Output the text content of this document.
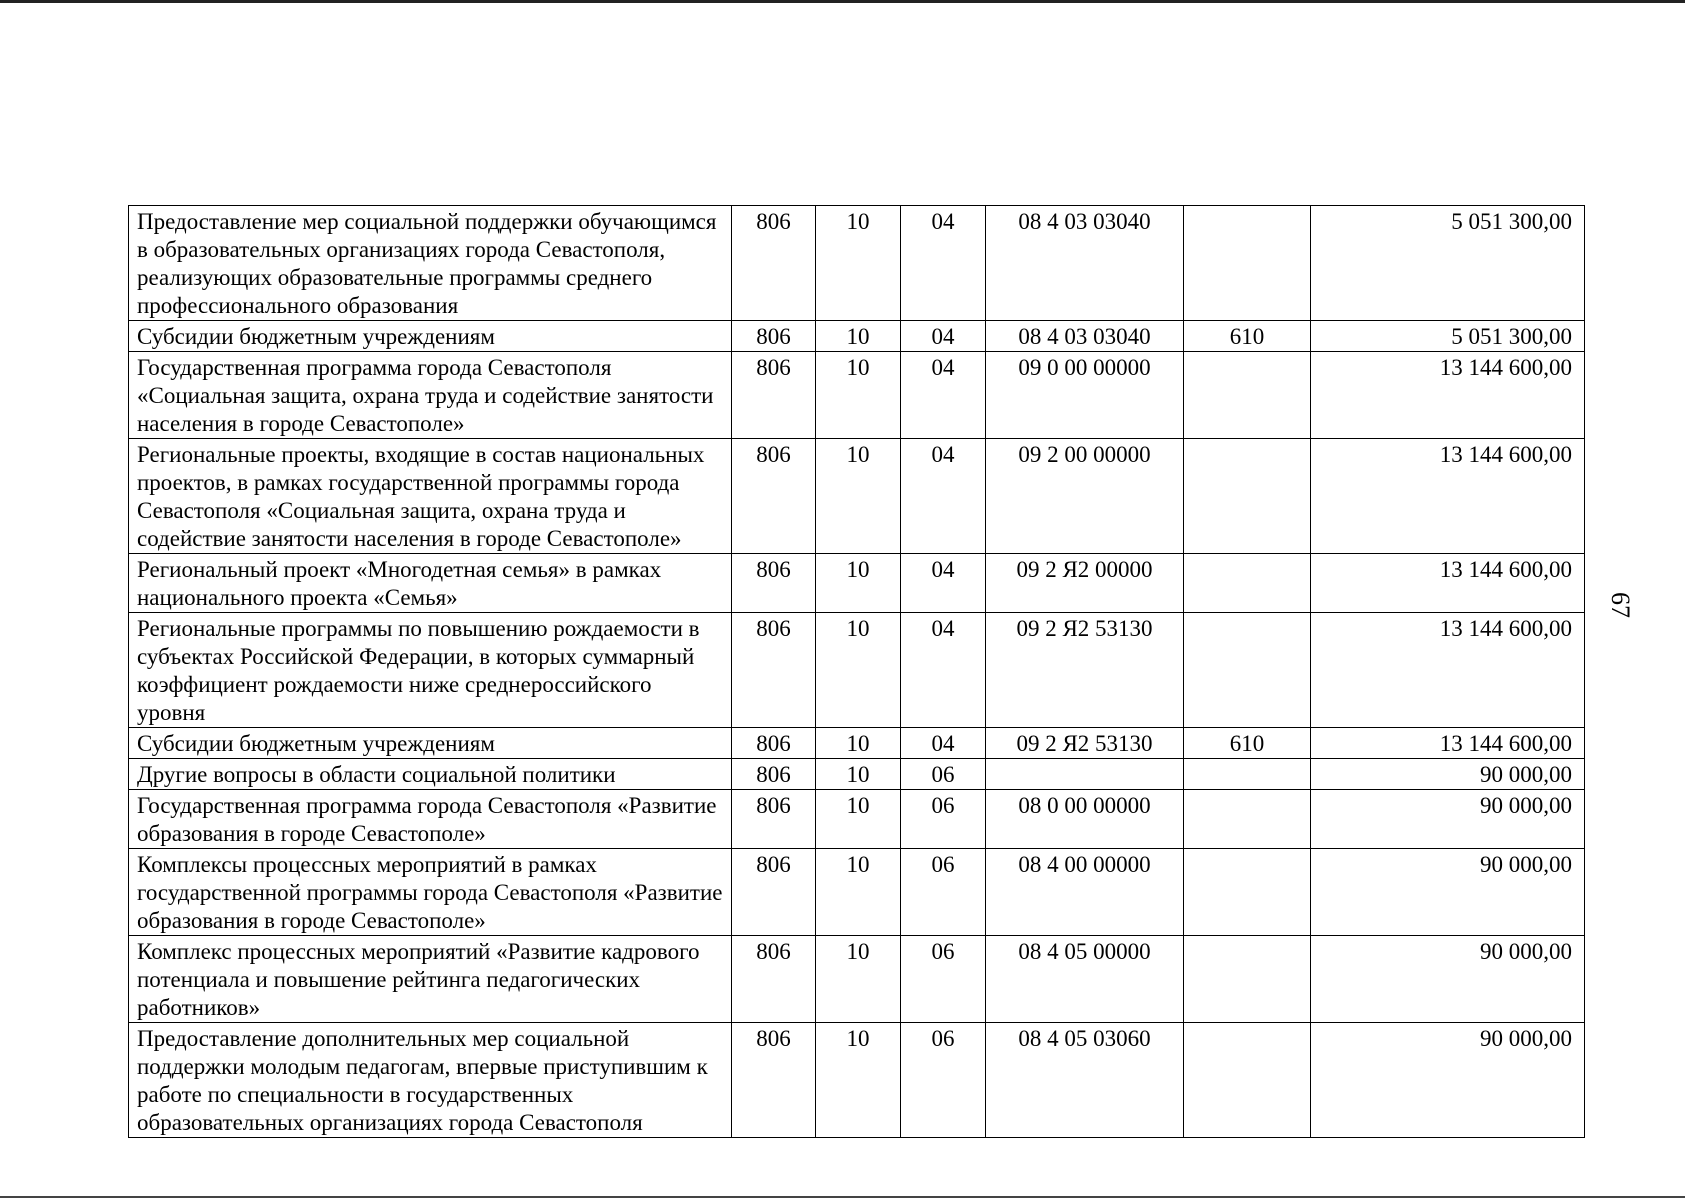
Предоставление мер социальной поддержки обучающимся в образовательных организациях города Севастополя, реализующих образовательные программы среднего профессионального образования	806	10	04	08 4 03 03040		5 051 300,00
Субсидии бюджетным учреждениям	806	10	04	08 4 03 03040	610	5 051 300,00
Государственная программа города Севастополя «Социальная защита, охрана труда и содействие занятости населения в городе Севастополе»	806	10	04	09 0 00 00000		13 144 600,00
Региональные проекты, входящие в состав национальных проектов, в рамках государственной программы города Севастополя «Социальная защита, охрана труда и содействие занятости населения в городе Севастополе»	806	10	04	09 2 00 00000		13 144 600,00
Региональный проект «Многодетная семья» в рамках национального проекта «Семья»	806	10	04	09 2 Я2 00000		13 144 600,00
Региональные программы по повышению рождаемости в субъектах Российской Федерации, в которых суммарный коэффициент рождаемости ниже среднероссийского уровня	806	10	04	09 2 Я2 53130		13 144 600,00
Субсидии бюджетным учреждениям	806	10	04	09 2 Я2 53130	610	13 144 600,00
Другие вопросы в области социальной политики	806	10	06			90 000,00
Государственная программа города Севастополя «Развитие образования в городе Севастополе»	806	10	06	08 0 00 00000		90 000,00
Комплексы процессных мероприятий в рамках государственной программы города Севастополя «Развитие образования в городе Севастополе»	806	10	06	08 4 00 00000		90 000,00
Комплекс процессных мероприятий «Развитие кадрового потенциала и повышение рейтинга педагогических работников»	806	10	06	08 4 05 00000		90 000,00
Предоставление дополнительных мер социальной поддержки молодым педагогам, впервые приступившим к работе по специальности в государственных образовательных организациях города Севастополя	806	10	06	08 4 05 03060		90 000,00
67
